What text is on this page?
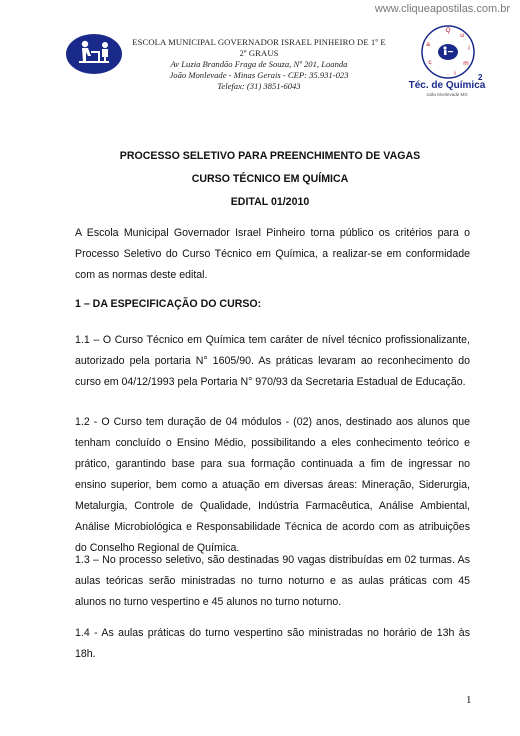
www.cliqueapostilas.com.br
ESCOLA MUNICIPAL GOVERNADOR ISRAEL PINHEIRO DE 1º E 2º GRAUS
Av Luzia Brandão Fraga de Souza, Nº 201, Loanda
João Monlevade - Minas Gerais - CEP: 35.931-023
Telefax: (31) 3851-6043
Q
u
í
m
i
c
a
2
Téc. de Química
João Monlevade MG
PROCESSO SELETIVO PARA PREENCHIMENTO DE VAGAS
CURSO TÉCNICO EM QUÍMICA
EDITAL 01/2010

A Escola Municipal Governador Israel Pinheiro torna público os critérios para o Processo Seletivo do Curso Técnico em Química, a realizar-se em conformidade com as normas deste edital.

1 – DA ESPECIFICAÇÃO DO CURSO:

1.1 – O Curso Técnico em Química tem caráter de nível técnico profissionalizante, autorizado pela portaria N° 1605/90. As práticas levaram ao reconhecimento do curso em 04/12/1993 pela Portaria N° 970/93 da Secretaria Estadual de Educação.

1.2 - O Curso tem duração de 04 módulos - (02) anos, destinado aos alunos que tenham concluído o Ensino Médio, possibilitando a eles conhecimento teórico e prático, garantindo base para sua formação continuada a fim de ingressar no ensino superior, bem como a atuação em diversas áreas: Mineração, Siderurgia, Metalurgia, Controle de Qualidade, Indústria Farmacêutica, Análise Ambiental, Análise Microbiológica e Responsabilidade Técnica de acordo com as atribuições do Conselho Regional de Química.

1.3 – No processo seletivo, são destinadas 90 vagas distribuídas em 02 turmas. As aulas teóricas serão ministradas no turno noturno e as aulas práticas com 45 alunos no turno vespertino e 45 alunos no turno noturno.

1.4 - As aulas práticas do turno vespertino são ministradas no horário de 13h às 18h.

1
